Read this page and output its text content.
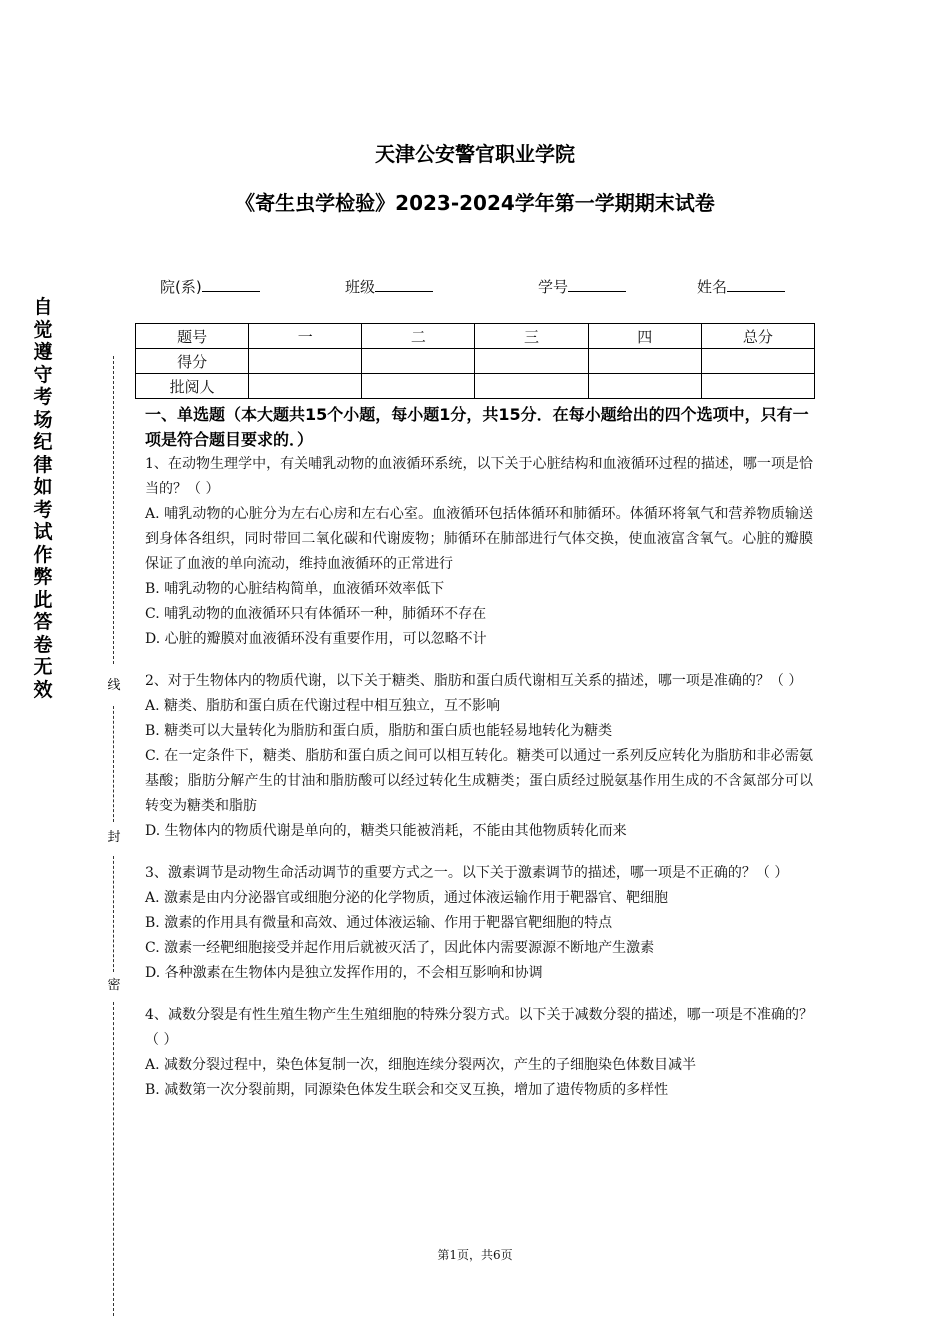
天津公安警官职业学院
《寄生虫学检验》2023-2024学年第一学期期末试卷
院(系)	班级	学号	姓名
题号	一	二	三	四	总分
得分					
批阅人					
自觉遵守考场纪律如考试作弊此答卷无效	线
封
密

一、单选题（本大题共15个小题，每小题1分，共15分．在每小题给出的四个选项中，只有一项是符合题目要求的．）

1、在动物生理学中，有关哺乳动物的血液循环系统，以下关于心脏结构和血液循环过程的描述，哪一项是恰当的？（ ）

A. 哺乳动物的心脏分为左右心房和左右心室。血液循环包括体循环和肺循环。体循环将氧气和营养物质输送到身体各组织，同时带回二氧化碳和代谢废物；肺循环在肺部进行气体交换，使血液富含氧气。心脏的瓣膜保证了血液的单向流动，维持血液循环的正常进行

B. 哺乳动物的心脏结构简单，血液循环效率低下

C. 哺乳动物的血液循环只有体循环一种，肺循环不存在

D. 心脏的瓣膜对血液循环没有重要作用，可以忽略不计

2、对于生物体内的物质代谢，以下关于糖类、脂肪和蛋白质代谢相互关系的描述，哪一项是准确的？（ ）

A. 糖类、脂肪和蛋白质在代谢过程中相互独立，互不影响

B. 糖类可以大量转化为脂肪和蛋白质，脂肪和蛋白质也能轻易地转化为糖类

C. 在一定条件下，糖类、脂肪和蛋白质之间可以相互转化。糖类可以通过一系列反应转化为脂肪和非必需氨基酸；脂肪分解产生的甘油和脂肪酸可以经过转化生成糖类；蛋白质经过脱氨基作用生成的不含氮部分可以转变为糖类和脂肪

D. 生物体内的物质代谢是单向的，糖类只能被消耗，不能由其他物质转化而来

3、激素调节是动物生命活动调节的重要方式之一。以下关于激素调节的描述，哪一项是不正确的？（ ）

A. 激素是由内分泌器官或细胞分泌的化学物质，通过体液运输作用于靶器官、靶细胞

B. 激素的作用具有微量和高效、通过体液运输、作用于靶器官靶细胞的特点

C. 激素一经靶细胞接受并起作用后就被灭活了，因此体内需要源源不断地产生激素

D. 各种激素在生物体内是独立发挥作用的，不会相互影响和协调

4、减数分裂是有性生殖生物产生生殖细胞的特殊分裂方式。以下关于减数分裂的描述，哪一项是不准确的？（ ）

A. 减数分裂过程中，染色体复制一次，细胞连续分裂两次，产生的子细胞染色体数目减半

B. 减数第一次分裂前期，同源染色体发生联会和交叉互换，增加了遗传物质的多样性

第1页，共6页
